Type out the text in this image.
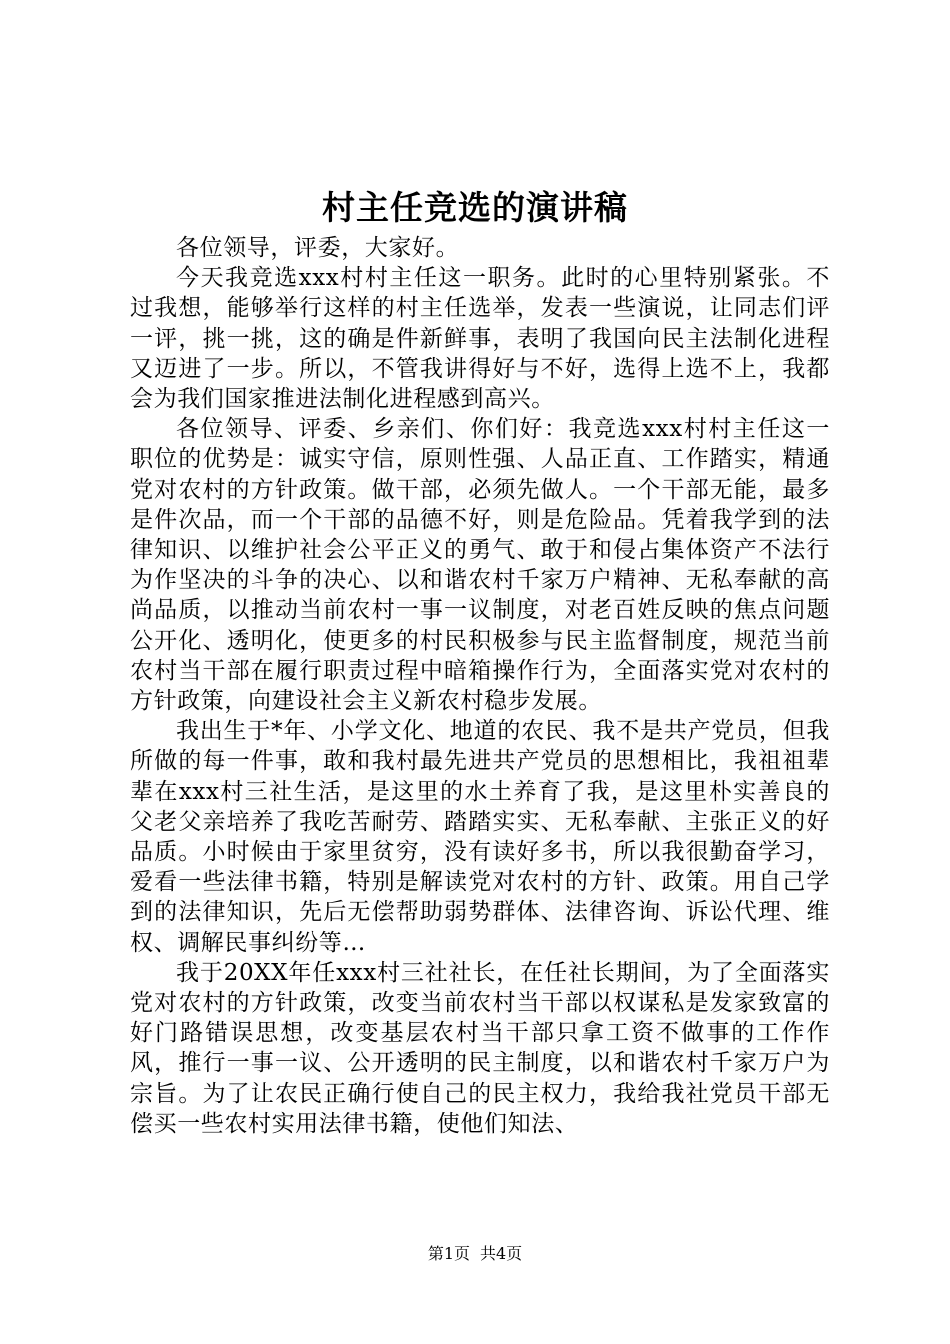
村主任竞选的演讲稿

各位领导，评委，大家好。

今天我竞选xxx村村主任这一职务。此时的心里特别紧张。不过我想，能够举行这样的村主任选举，发表一些演说，让同志们评一评，挑一挑，这的确是件新鲜事，表明了我国向民主法制化进程又迈进了一步。所以，不管我讲得好与不好，选得上选不上，我都会为我们国家推进法制化进程感到高兴。

各位领导、评委、乡亲们、你们好：我竞选xxx村村主任这一职位的优势是：诚实守信，原则性强、人品正直、工作踏实，精通党对农村的方针政策。做干部，必须先做人。一个干部无能，最多是件次品，而一个干部的品德不好，则是危险品。凭着我学到的法律知识、以维护社会公平正义的勇气、敢于和侵占集体资产不法行为作坚决的斗争的决心、以和谐农村千家万户精神、无私奉献的高尚品质，以推动当前农村一事一议制度，对老百姓反映的焦点问题公开化、透明化，使更多的村民积极参与民主监督制度，规范当前农村当干部在履行职责过程中暗箱操作行为，全面落实党对农村的方针政策，向建设社会主义新农村稳步发展。

我出生于*年、小学文化、地道的农民、我不是共产党员，但我所做的每一件事，敢和我村最先进共产党员的思想相比，我祖祖辈辈在xxx村三社生活，是这里的水土养育了我，是这里朴实善良的父老父亲培养了我吃苦耐劳、踏踏实实、无私奉献、主张正义的好品质。小时候由于家里贫穷，没有读好多书，所以我很勤奋学习，爱看一些法律书籍，特别是解读党对农村的方针、政策。用自己学到的法律知识，先后无偿帮助弱势群体、法律咨询、诉讼代理、维权、调解民事纠纷等…

我于20XX年任xxx村三社社长，在任社长期间，为了全面落实党对农村的方针政策，改变当前农村当干部以权谋私是发家致富的好门路错误思想，改变基层农村当干部只拿工资不做事的工作作风，推行一事一议、公开透明的民主制度，以和谐农村千家万户为宗旨。为了让农民正确行使自己的民主权力，我给我社党员干部无偿买一些农村实用法律书籍，使他们知法、

第1页 共4页
